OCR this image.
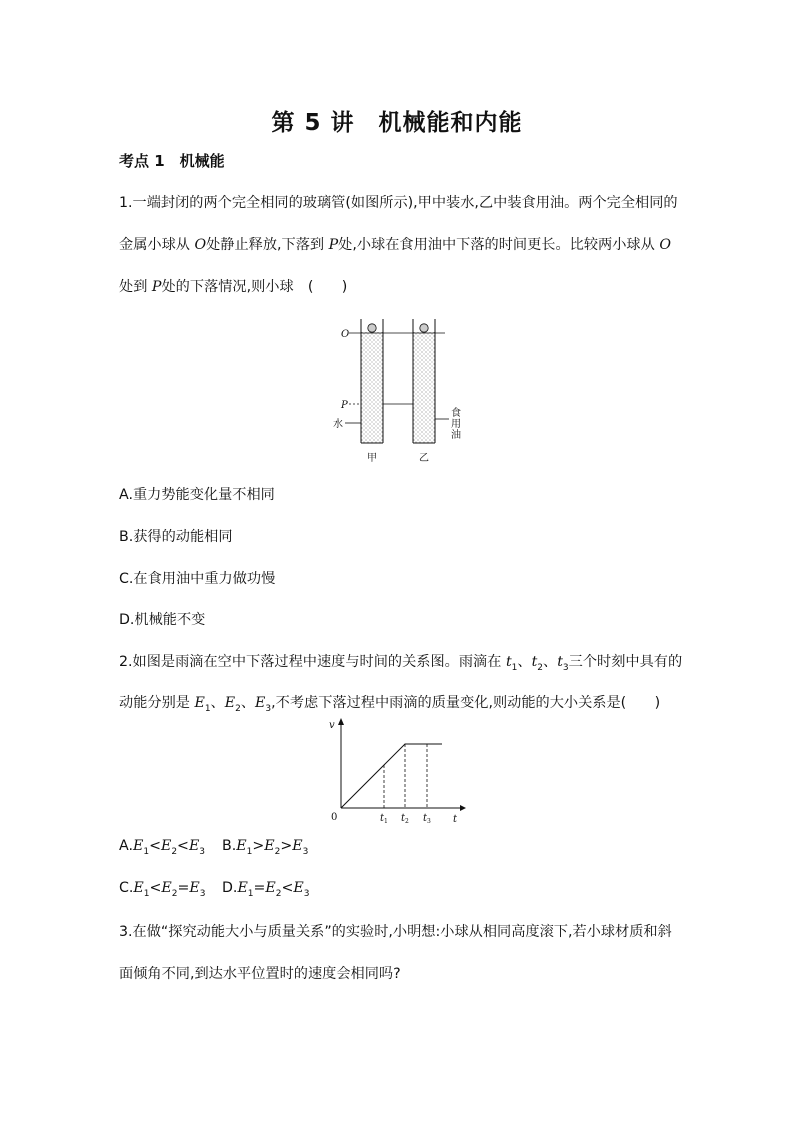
第 5 讲　机械能和内能
考点 1　机械能
1.一端封闭的两个完全相同的玻璃管(如图所示),甲中装水,乙中装食用油。两个完全相同的
金属小球从 O处静止释放,下落到 P处,小球在食用油中下落的时间更长。比较两小球从 O
处到 P处的下落情况,则小球　(　　)
O
P
水
食
用
油
甲	乙
A.重力势能变化量不相同
B.获得的动能相同
C.在食用油中重力做功慢
D.机械能不变
2.如图是雨滴在空中下落过程中速度与时间的关系图。雨滴在 $t_1$、$t_2$、$t_3$三个时刻中具有的
动能分别是 $E_1$、$E_2$、$E_3$,不考虑下落过程中雨滴的质量变化,则动能的大小关系是(　　)
v
t
0	t 1 t 2 t 3
$A.E_1<E_2<E_3$ $B.E_1>E_2>E_3$
$C.E_1<E_2=E_3$ $D.E_1=E_2<E_3$
3.在做“探究动能大小与质量关系”的实验时,小明想:小球从相同高度滚下,若小球材质和斜
面倾角不同,到达水平位置时的速度会相同吗?
